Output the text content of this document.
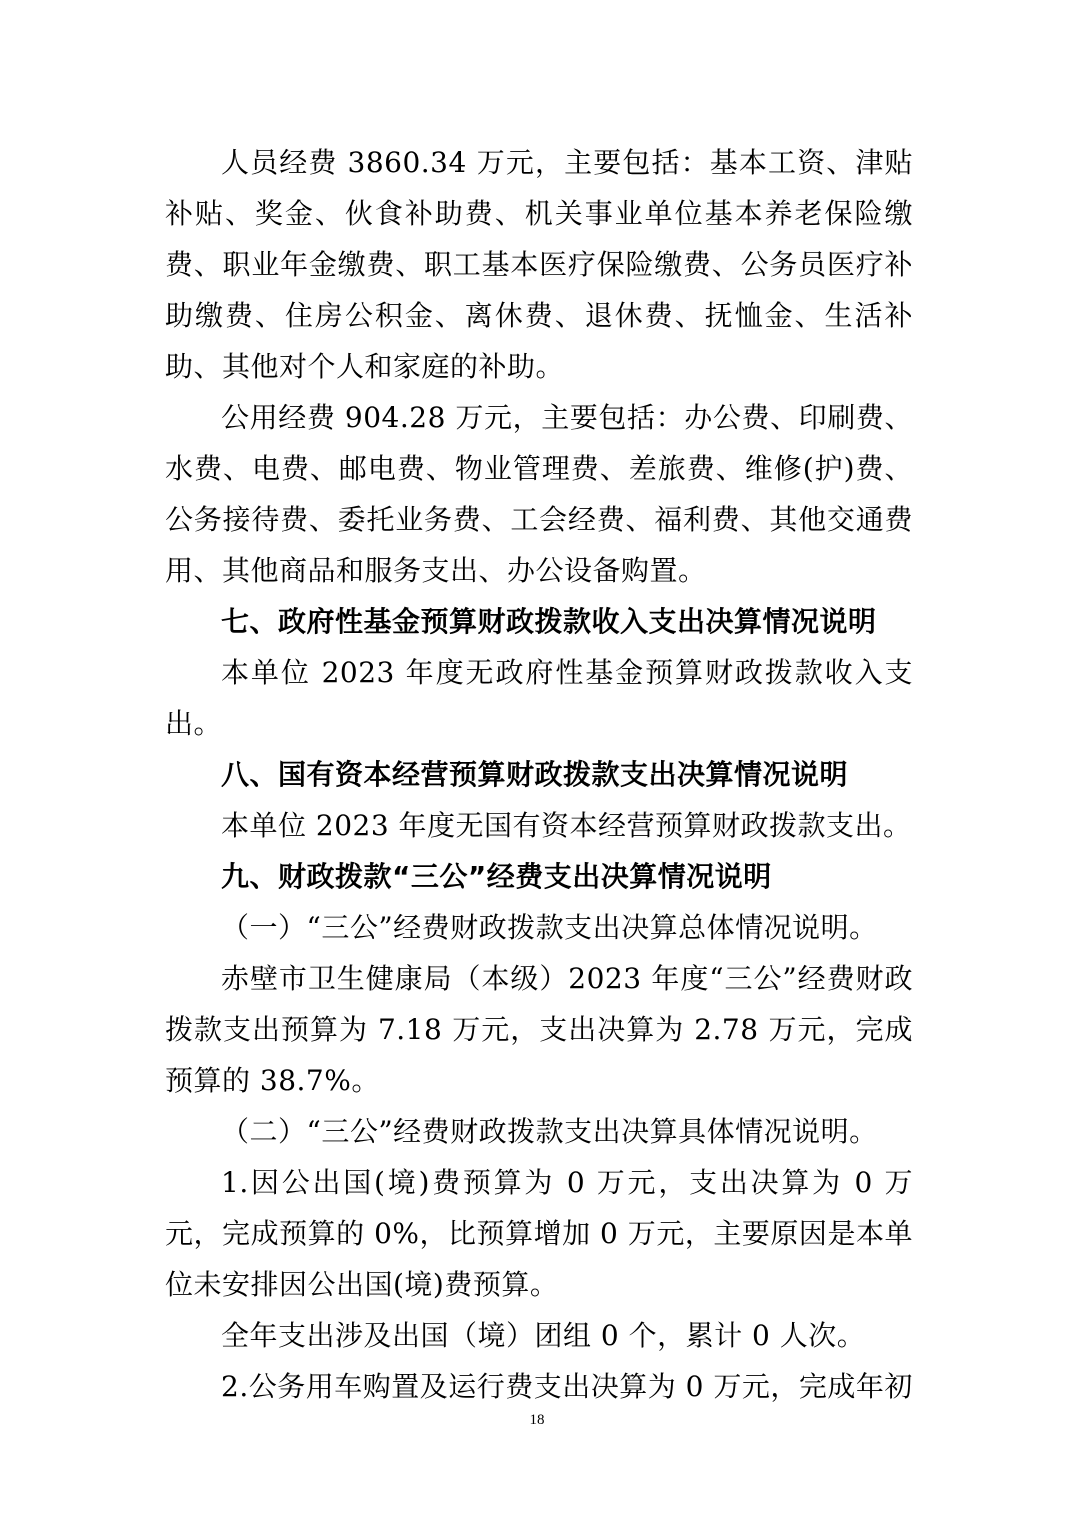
人员经费 3860.34 万元，主要包括：基本工资、津贴补贴、奖金、伙食补助费、机关事业单位基本养老保险缴费、职业年金缴费、职工基本医疗保险缴费、公务员医疗补助缴费、住房公积金、离休费、退休费、抚恤金、生活补助、其他对个人和家庭的补助。

公用经费 904.28 万元，主要包括：办公费、印刷费、水费、电费、邮电费、物业管理费、差旅费、维修(护)费、公务接待费、委托业务费、工会经费、福利费、其他交通费用、其他商品和服务支出、办公设备购置。

七、政府性基金预算财政拨款收入支出决算情况说明

本单位 2023 年度无政府性基金预算财政拨款收入支出。

八、国有资本经营预算财政拨款支出决算情况说明

本单位 2023 年度无国有资本经营预算财政拨款支出。

九、财政拨款“三公”经费支出决算情况说明

（一）“三公”经费财政拨款支出决算总体情况说明。

赤壁市卫生健康局（本级）2023 年度“三公”经费财政拨款支出预算为 7.18 万元，支出决算为 2.78 万元，完成预算的 38.7%。

（二）“三公”经费财政拨款支出决算具体情况说明。

1.因公出国(境)费预算为 0 万元，支出决算为 0 万元，完成预算的 0%，比预算增加 0 万元，主要原因是本单位未安排因公出国(境)费预算。

全年支出涉及出国（境）团组 0 个，累计 0 人次。

2.公务用车购置及运行费支出决算为 0 万元，完成年初

18
